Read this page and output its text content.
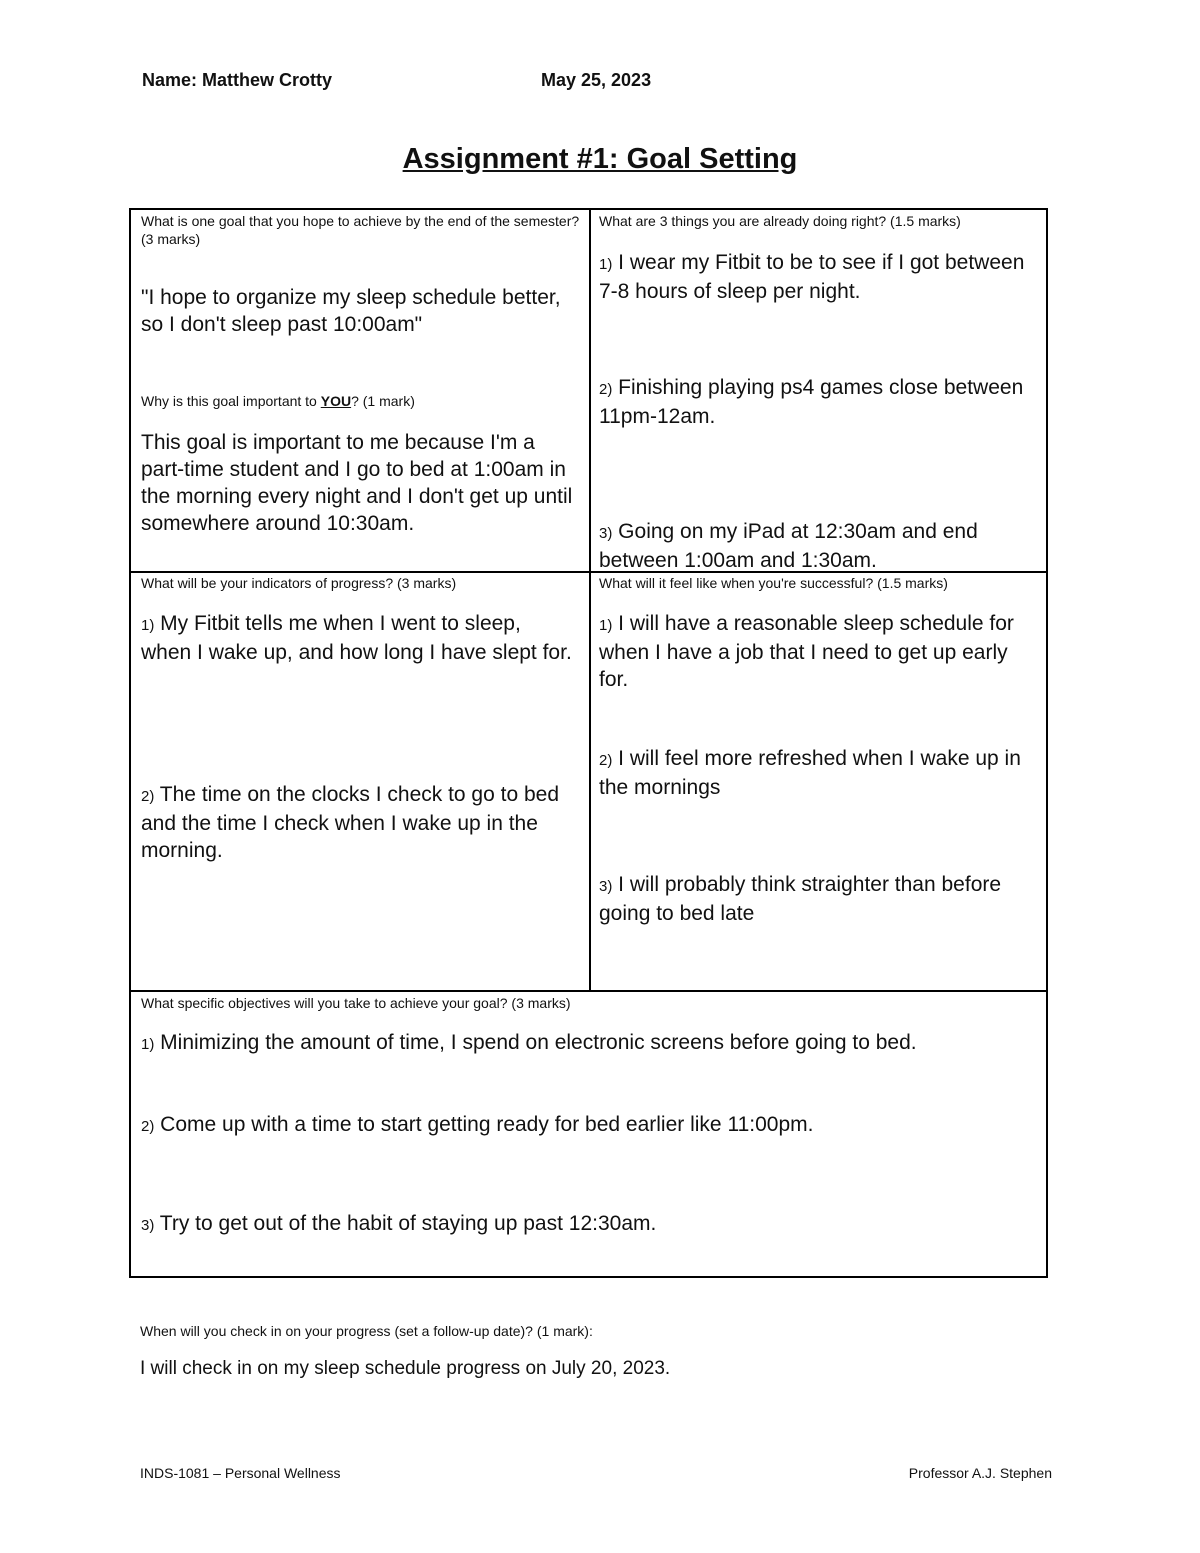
Name: Matthew Crotty	May 25, 2023
Assignment #1: Goal Setting
What is one goal that you hope to achieve by the end of the semester? (3 marks)
"I hope to organize my sleep schedule better, so I don't sleep past 10:00am"
Why is this goal important to YOU? (1 mark)
This goal is important to me because I'm a part-time student and I go to bed at 1:00am in the morning every night and I don't get up until somewhere around 10:30am.
What are 3 things you are already doing right? (1.5 marks)
1) I wear my Fitbit to be to see if I got between 7-8 hours of sleep per night.
2) Finishing playing ps4 games close between 11pm-12am.
3) Going on my iPad at 12:30am and end between 1:00am and 1:30am.
What will be your indicators of progress? (3 marks)
1) My Fitbit tells me when I went to sleep, when I wake up, and how long I have slept for.
2) The time on the clocks I check to go to bed and the time I check when I wake up in the morning.
What will it feel like when you're successful? (1.5 marks)
1) I will have a reasonable sleep schedule for when I have a job that I need to get up early for.
2) I will feel more refreshed when I wake up in the mornings
3) I will probably think straighter than before going to bed late
What specific objectives will you take to achieve your goal? (3 marks)
1) Minimizing the amount of time, I spend on electronic screens before going to bed.
2) Come up with a time to start getting ready for bed earlier like 11:00pm.
3) Try to get out of the habit of staying up past 12:30am.
When will you check in on your progress (set a follow-up date)? (1 mark):
I will check in on my sleep schedule progress on July 20, 2023.
INDS-1081 – Personal Wellness	Professor A.J. Stephen
